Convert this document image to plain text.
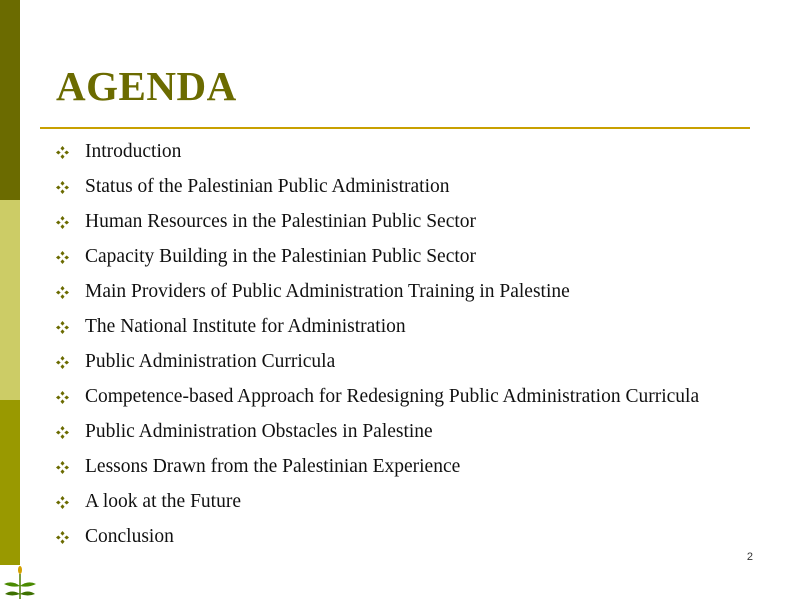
AGENDA
Introduction
Status of the Palestinian Public Administration
Human Resources in the Palestinian Public Sector
Capacity Building in the Palestinian Public Sector
Main Providers of Public Administration Training in Palestine
The National Institute for Administration
Public Administration Curricula
Competence-based Approach for Redesigning Public Administration Curricula
Public Administration Obstacles in Palestine
Lessons Drawn from the Palestinian Experience
A look at the Future
Conclusion
2
